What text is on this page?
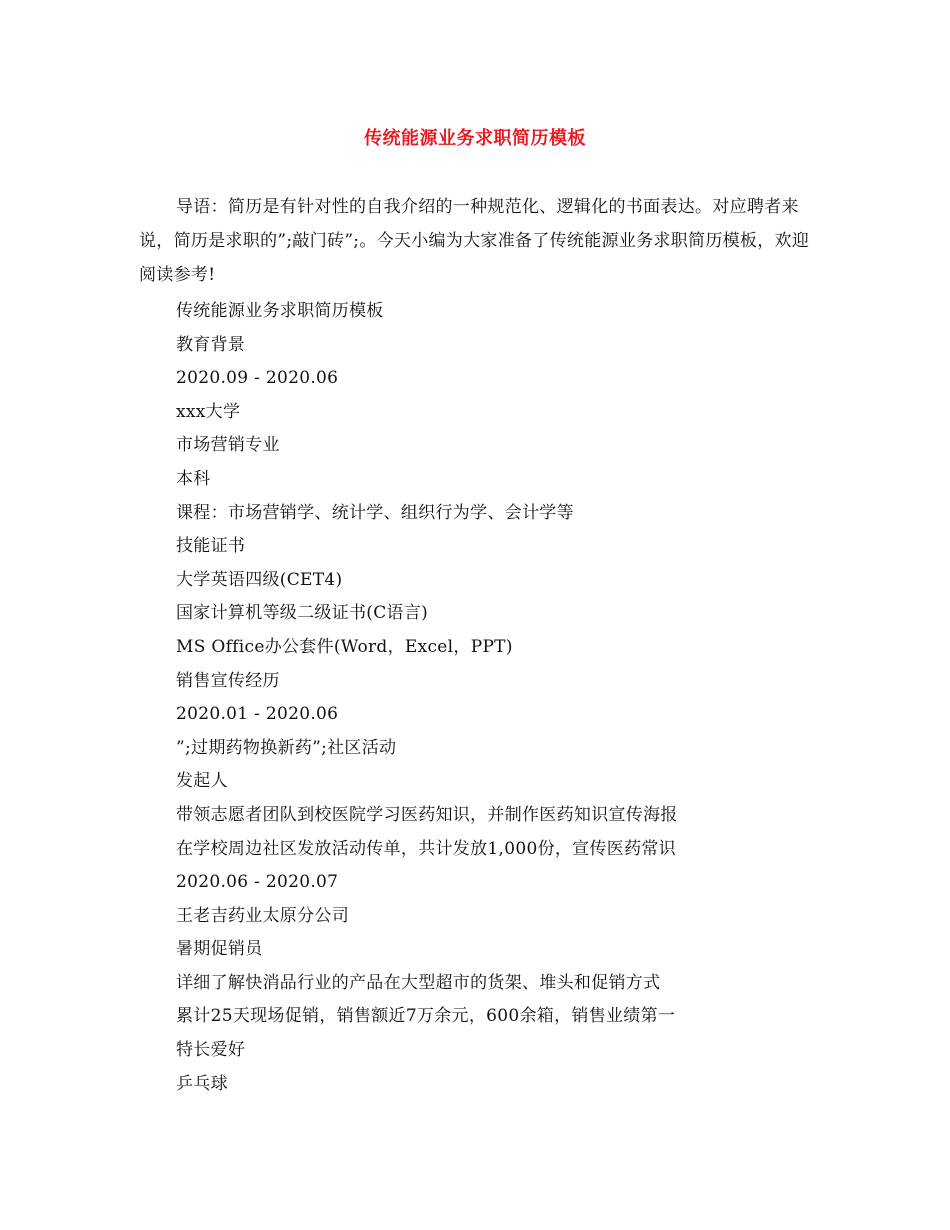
传统能源业务求职简历模板
导语：简历是有针对性的自我介绍的一种规范化、逻辑化的书面表达。对应聘者来说，简历是求职的”;敲门砖”;。今天小编为大家准备了传统能源业务求职简历模板，欢迎阅读参考!
传统能源业务求职简历模板
教育背景
2020.09 - 2020.06
xxx大学
市场营销专业
本科
课程：市场营销学、统计学、组织行为学、会计学等
技能证书
大学英语四级(CET4)
国家计算机等级二级证书(C语言)
MS Office办公套件(Word，Excel，PPT)
销售宣传经历
2020.01 - 2020.06
”;过期药物换新药”;社区活动
发起人
带领志愿者团队到校医院学习医药知识，并制作医药知识宣传海报
在学校周边社区发放活动传单，共计发放1,000份，宣传医药常识
2020.06 - 2020.07
王老吉药业太原分公司
暑期促销员
详细了解快消品行业的产品在大型超市的货架、堆头和促销方式
累计25天现场促销，销售额近7万余元，600余箱，销售业绩第一
特长爱好
乒乓球
